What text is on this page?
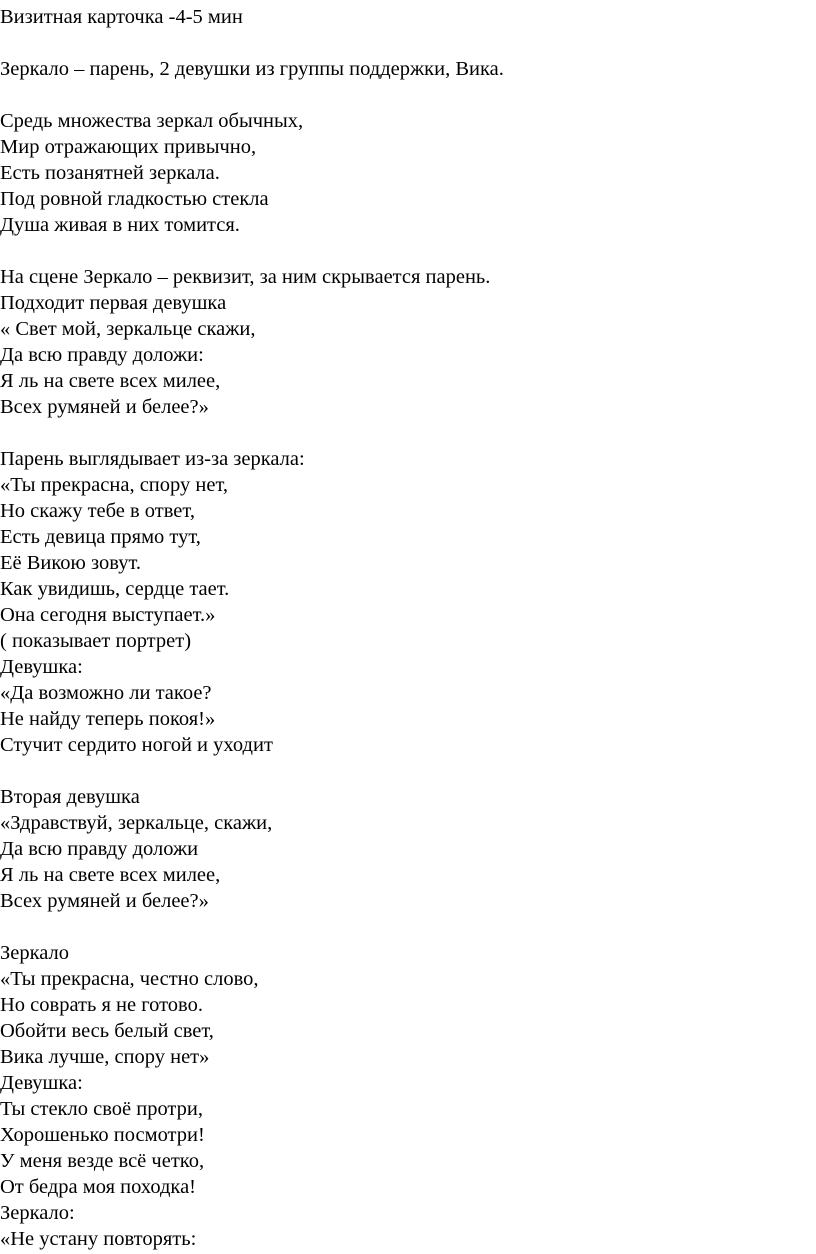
Визитная карточка -4-5 мин
Зеркало – парень, 2 девушки из группы поддержки, Вика.
Средь множества зеркал обычных,
Мир отражающих привычно,
Есть позанятней зеркала.
Под ровной гладкостью стекла
Душа живая в них томится.
На сцене Зеркало – реквизит, за ним скрывается парень.
Подходит первая девушка
« Свет мой, зеркальце скажи,
Да всю правду доложи:
Я ль на свете всех милее,
Всех румяней и белее?»
Парень выглядывает из-за зеркала:
«Ты прекрасна, спору нет,
Но скажу тебе в ответ,
Есть девица прямо тут,
Её Викою зовут.
Как увидишь, сердце тает.
Она сегодня выступает.»
( показывает портрет)
Девушка:
«Да возможно ли такое?
Не найду теперь покоя!»
Стучит сердито ногой и уходит
Вторая девушка
«Здравствуй, зеркальце, скажи,
Да всю правду доложи
Я ль на свете всех милее,
Всех румяней и белее?»
Зеркало
«Ты прекрасна, честно слово,
Но соврать я не готово.
Обойти весь белый свет,
Вика лучше, спору нет»
Девушка:
Ты стекло своё протри,
Хорошенько посмотри!
У меня везде всё четко,
От бедра моя походка!
Зеркало:
«Не устану повторять:
